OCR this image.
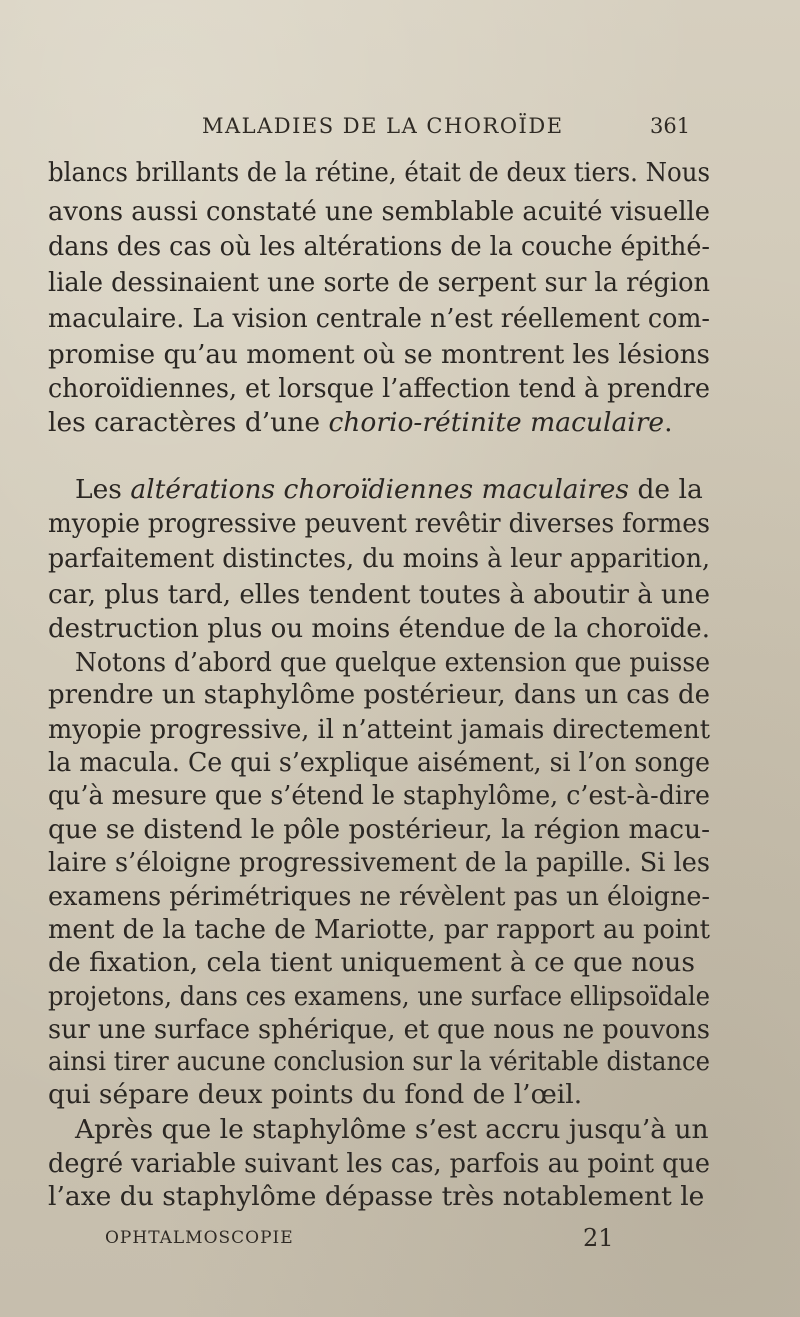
MALADIES DE LA CHOROÏDE	361
blancs brillants de la rétine, était de deux tiers. Nous
avons aussi constaté une semblable acuité visuelle
dans des cas où les altérations de la couche épithé-
liale dessinaient une sorte de serpent sur la région
maculaire. La vision centrale n’est réellement com-
promise qu’au moment où se montrent les lésions
choroïdiennes, et lorsque l’affection tend à prendre
les caractères d’une chorio-rétinite maculaire.
Les altérations choroïdiennes maculaires de la
myopie progressive peuvent revêtir diverses formes
parfaitement distinctes, du moins à leur apparition,
car, plus tard, elles tendent toutes à aboutir à une
destruction plus ou moins étendue de la choroïde.
Notons d’abord que quelque extension que puisse
prendre un staphylôme postérieur, dans un cas de
myopie progressive, il n’atteint jamais directement
la macula. Ce qui s’explique aisément, si l’on songe
qu’à mesure que s’étend le staphylôme, c’est-à-dire
que se distend le pôle postérieur, la région macu-
laire s’éloigne progressivement de la papille. Si les
examens périmétriques ne révèlent pas un éloigne-
ment de la tache de Mariotte, par rapport au point
de fixation, cela tient uniquement à ce que nous
projetons, dans ces examens, une surface ellipsoïdale
sur une surface sphérique, et que nous ne pouvons
ainsi tirer aucune conclusion sur la véritable distance
qui sépare deux points du fond de l’œil.
Après que le staphylôme s’est accru jusqu’à un
degré variable suivant les cas, parfois au point que
l’axe du staphylôme dépasse très notablement le
OPHTALMOSCOPIE	21
